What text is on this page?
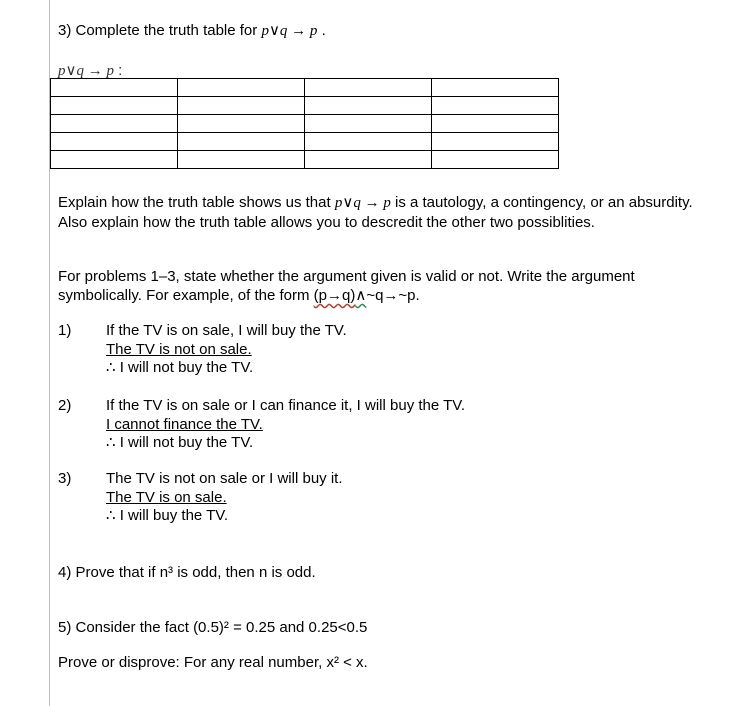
3) Complete the truth table for p∨q → p .
p∨q → p :

Explain how the truth table shows us that p∨q → p is a tautology, a contingency, or an absurdity. Also explain how the truth table allows you to descredit the other two possiblities.
For problems 1–3, state whether the argument given is valid or not. Write the argument symbolically. For example, of the form (p→q)∧~q→~p.
1) If the TV is on sale, I will buy the TV.
The TV is not on sale.
∴ I will not buy the TV.
2) If the TV is on sale or I can finance it, I will buy the TV.
I cannot finance the TV.
∴ I will not buy the TV.
3) The TV is not on sale or I will buy it.
The TV is on sale.
∴ I will buy the TV.
4) Prove that if n³ is odd, then n is odd.
5) Consider the fact (0.5)² = 0.25 and 0.25<0.5
Prove or disprove: For any real number, x² < x.
